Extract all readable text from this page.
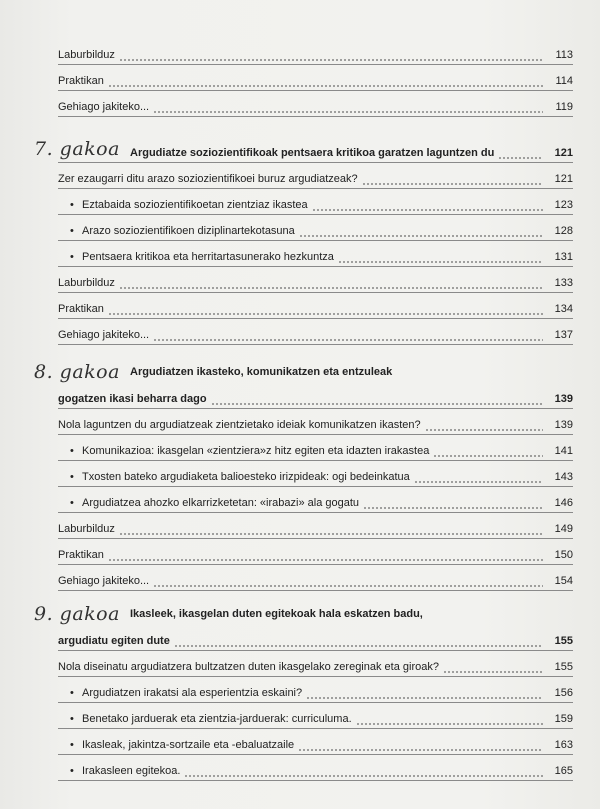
Laburbilduz	113
Praktikan	114
Gehiago jakiteko...	119
7. gakoa Argudiatze soziozientifikoak pentsaera kritikoa garatzen laguntzen du	121
Zer ezaugarri ditu arazo soziozientifikoei buruz argudiatzeak?	121
• Eztabaida soziozientifikoetan zientziaz ikastea	123
• Arazo soziozientifikoen diziplinartekotasuna	128
• Pentsaera kritikoa eta herritartasunerako hezkuntza	131
Laburbilduz	133
Praktikan	134
Gehiago jakiteko...	137
8. gakoa Argudiatzen ikasteko, komunikatzen eta entzuleak
gogatzen ikasi beharra dago	139
Nola laguntzen du argudiatzeak zientzietako ideiak komunikatzen ikasten?	139
• Komunikazioa: ikasgelan «zientziera»z hitz egiten eta idazten irakastea	141
• Txosten bateko argudiaketa balioesteko irizpideak: ogi bedeinkatua	143
• Argudiatzea ahozko elkarrizketetan: «irabazi» ala gogatu	146
Laburbilduz	149
Praktikan	150
Gehiago jakiteko...	154
9. gakoa Ikasleek, ikasgelan duten egitekoak hala eskatzen badu,
argudiatu egiten dute	155
Nola diseinatu argudiatzera bultzatzen duten ikasgelako zereginak eta giroak?	155
• Argudiatzen irakatsi ala esperientzia eskaini?	156
• Benetako jarduerak eta zientzia-jarduerak: curriculuma.	159
• Ikasleak, jakintza-sortzaile eta -ebaluatzaile	163
• Irakasleen egitekoa.	165
